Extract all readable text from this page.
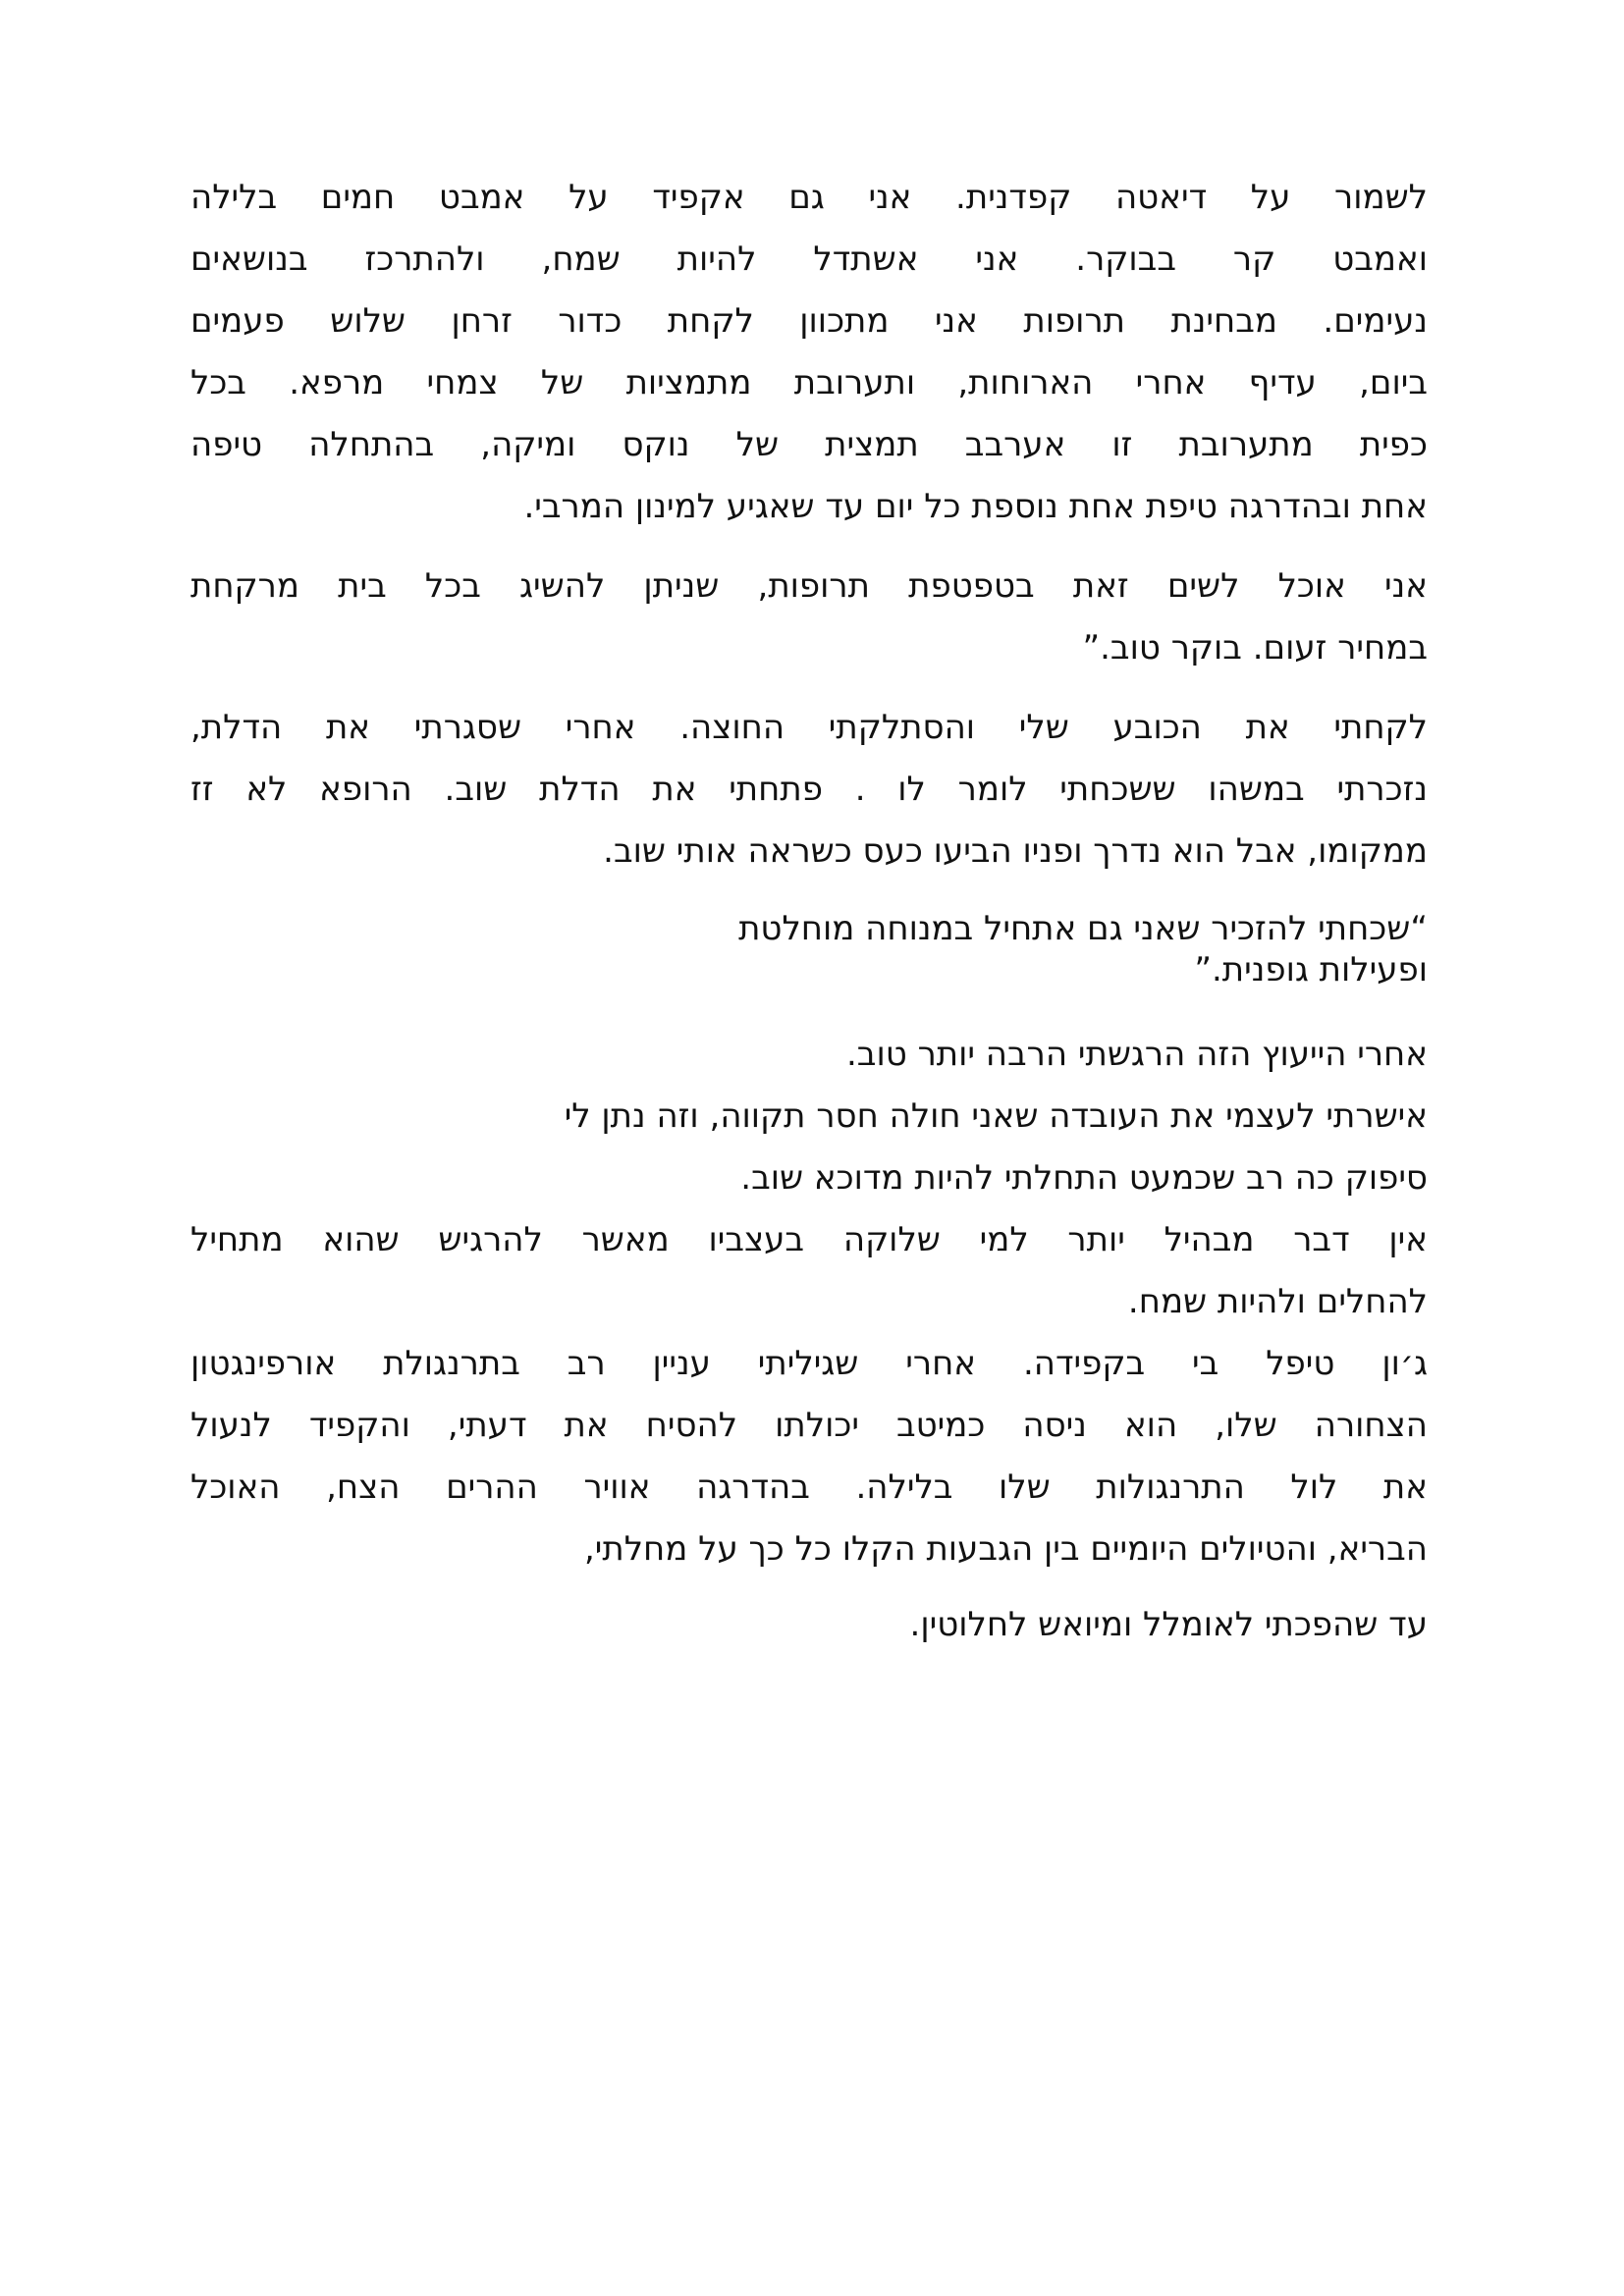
לשמור על דיאטה קפדנית. אני גם אקפיד על אמבט חמים בלילה
ואמבט קר בבוקר. אני אשתדל להיות שמח, ולהתרכז בנושאים
נעימים. מבחינת תרופות אני מתכוון לקחת כדור זרחן שלוש פעמים
ביום, עדיף אחרי הארוחות, ותערובת מתמציות של צמחי מרפא. בכל
כפית מתערובת זו אערבב תמצית של נוקס ומיקה, בהתחלה טיפה
אחת ובהדרגה טיפת אחת נוספת כל יום עד שאגיע למינון המרבי.
אני אוכל לשים זאת בטפטפת תרופות, שניתן להשיג בכל בית מרקחת
במחיר זעום. בוקר טוב.”
לקחתי את הכובע שלי והסתלקתי החוצה. אחרי שסגרתי את הדלת,
נזכרתי במשהו ששכחתי לומר לו . פתחתי את הדלת שוב. הרופא לא זז
ממקומו, אבל הוא נדרך ופניו הביעו כעס כשראה אותי שוב.
“שכחתי להזכיר שאני גם אתחיל במנוחה מוחלטת
ופעילות גופנית.”
אחרי הייעוץ הזה הרגשתי הרבה יותר טוב.
אישרתי לעצמי את העובדה שאני חולה חסר תקווה, וזה נתן לי
סיפוק כה רב שכמעט התחלתי להיות מדוכא שוב.
אין דבר מבהיל יותר למי שלוקה בעצביו מאשר להרגיש שהוא מתחיל
להחלים ולהיות שמח.
ג׳ון טיפל בי בקפידה. אחרי שגיליתי עניין רב בתרנגולת אורפינגטון
הצחורה שלו, הוא ניסה כמיטב יכולתו להסיח את דעתי, והקפיד לנעול
את לול התרנגולות שלו בלילה. בהדרגה אוויר ההרים הצח, האוכל
הבריא, והטיולים היומיים בין הגבעות הקלו כל כך על מחלתי,
עד שהפכתי לאומלל ומיואש לחלוטין.
